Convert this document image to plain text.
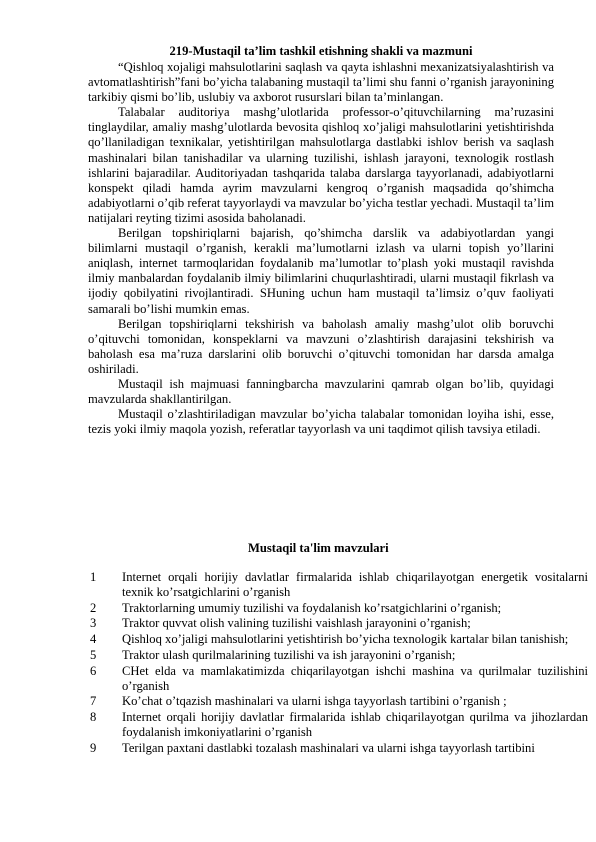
219-Mustaqil ta’lim tashkil etishning shakli va mazmuni

“Qishloq xojaligi mahsulotlarini saqlash va qayta ishlashni mexanizatsiyalashtirish va avtomatlashtirish”fani bo’yicha talabaning mustaqil ta’limi shu fanni o’rganish jarayonining tarkibiy qismi bo’lib, uslubiy va axborot rusurslari bilan ta’minlangan.

Talabalar auditoriya mashg’ulotlarida professor-o’qituvchilarning ma’ruzasini tinglaydilar, amaliy mashg’ulotlarda bevosita qishloq xo’jaligi mahsulotlarini yetishtirishda qo’llaniladigan texnikalar, yetishtirilgan mahsulotlarga dastlabki ishlov berish va saqlash mashinalari bilan tanishadilar va ularning tuzilishi, ishlash jarayoni, texnologik rostlash ishlarini bajaradilar. Auditoriyadan tashqarida talaba darslarga tayyorlanadi, adabiyotlarni konspekt qiladi hamda ayrim mavzularni kengroq o’rganish maqsadida qo’shimcha adabiyotlarni o’qib referat tayyorlaydi va mavzular bo’yicha testlar yechadi. Mustaqil ta’lim natijalari reyting tizimi asosida baholanadi.

Berilgan topshiriqlarni bajarish, qo’shimcha darslik va adabiyotlardan yangi bilimlarni mustaqil o’rganish, kerakli ma’lumotlarni izlash va ularni topish yo’llarini aniqlash, internet tarmoqlaridan foydalanib ma’lumotlar to’plash yoki mustaqil ravishda ilmiy manbalardan foydalanib ilmiy bilimlarini chuqurlashtiradi, ularni mustaqil fikrlash va ijodiy qobilyatini rivojlantiradi. SHuning uchun ham mustaqil ta’limsiz o’quv faoliyati samarali bo’lishi mumkin emas.

Berilgan topshiriqlarni tekshirish va baholash amaliy mashg’ulot olib boruvchi o’qituvchi tomonidan, konspeklarni va mavzuni o’zlashtirish darajasini tekshirish va baholash esa ma’ruza darslarini olib boruvchi o’qituvchi tomonidan har darsda amalga oshiriladi.

Mustaqil ish majmuasi fanningbarcha mavzularini qamrab olgan bo’lib, quyidagi mavzularda shakllantirilgan.

Mustaqil o’zlashtiriladigan mavzular bo’yicha talabalar tomonidan loyiha ishi, esse, tezis yoki ilmiy maqola yozish, referatlar tayyorlash va uni taqdimot qilish tavsiya etiladi.

Mustaqil ta'lim mavzulari
1	Internet orqali horijiy davlatlar firmalarida ishlab chiqarilayotgan energetik vositalarni texnik ko’rsatgichlarini o’rganish
2	Traktorlarning umumiy tuzilishi va foydalanish ko’rsatgichlarini o’rganish;
3	Traktor quvvat olish valining tuzilishi vaishlash jarayonini o’rganish;
4	Qishloq xo’jaligi mahsulotlarini yetishtirish bo’yicha texnologik kartalar bilan tanishish;
5	Traktor ulash qurilmalarining tuzilishi va ish jarayonini o’rganish;
6	CHet elda va mamlakatimizda chiqarilayotgan ishchi mashina va qurilmalar tuzilishini o’rganish
7	Ko’chat o’tqazish mashinalari va ularni ishga tayyorlash tartibini o’rganish ;
8	Internet orqali horijiy davlatlar firmalarida ishlab chiqarilayotgan qurilma va jihozlardan foydalanish imkoniyatlarini o’rganish
9	Terilgan paxtani dastlabki tozalash mashinalari va ularni ishga tayyorlash tartibini
